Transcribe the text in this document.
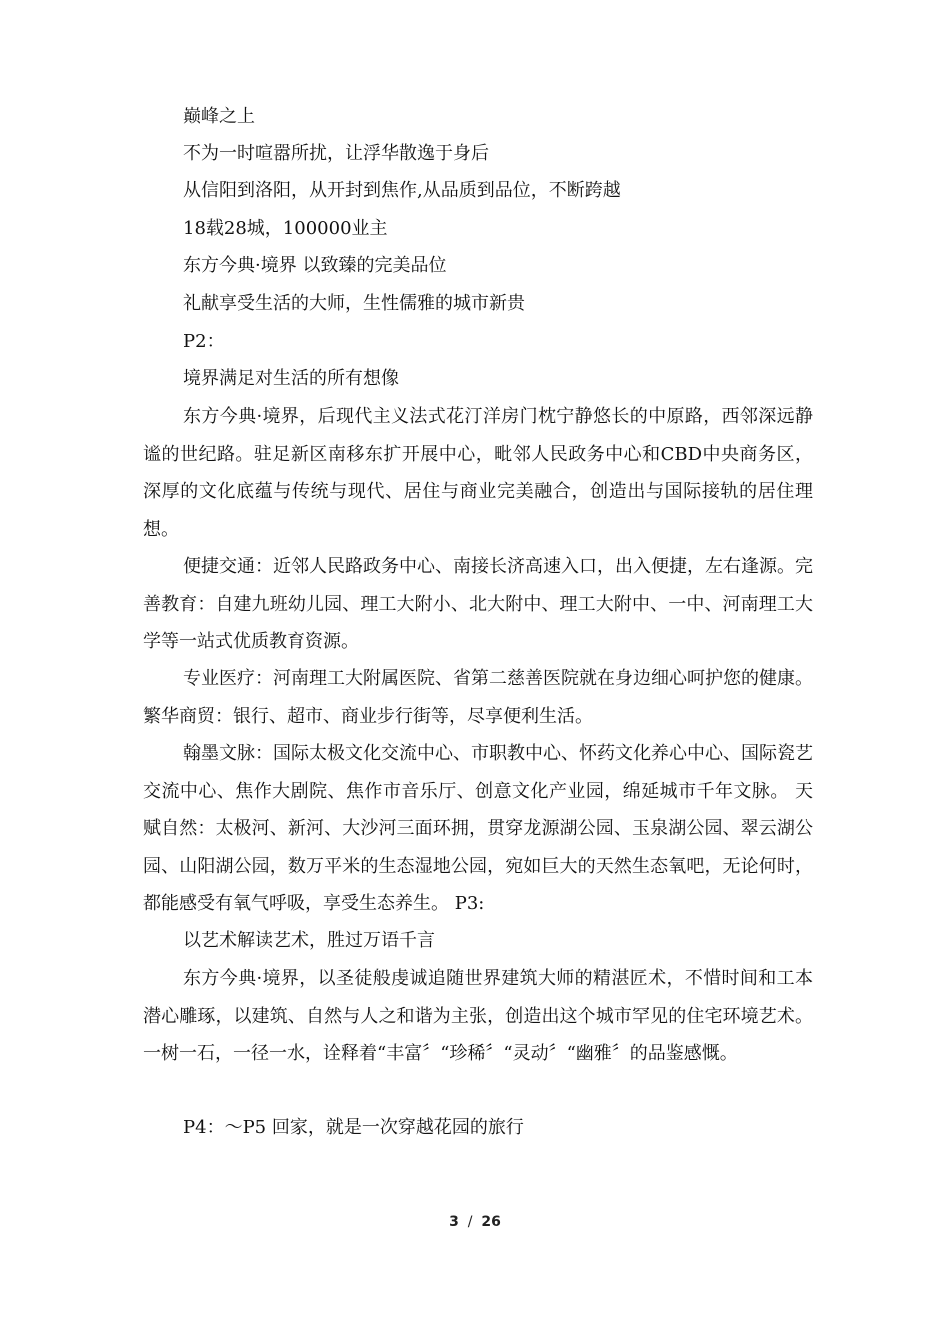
巅峰之上
不为一时喧嚣所扰，让浮华散逸于身后
从信阳到洛阳，从开封到焦作,从品质到品位，不断跨越
18载28城，100000业主
东方今典·境界 以致臻的完美品位
礼献享受生活的大师，生性儒雅的城市新贵
P2：
境界满足对生活的所有想像
东方今典·境界，后现代主义法式花汀洋房门枕宁静悠长的中原路，西邻深远静谧的世纪路。驻足新区南移东扩开展中心，毗邻人民政务中心和CBD中央商务区，深厚的文化底蕴与传统与现代、居住与商业完美融合，创造出与国际接轨的居住理想。
便捷交通：近邻人民路政务中心、南接长济高速入口，出入便捷，左右逢源。完善教育：自建九班幼儿园、理工大附小、北大附中、理工大附中、一中、河南理工大学等一站式优质教育资源。
专业医疗：河南理工大附属医院、省第二慈善医院就在身边细心呵护您的健康。 繁华商贸：银行、超市、商业步行街等，尽享便利生活。
翰墨文脉：国际太极文化交流中心、市职教中心、怀药文化养心中心、国际瓷艺交流中心、焦作大剧院、焦作市音乐厅、创意文化产业园，绵延城市千年文脉。 天赋自然：太极河、新河、大沙河三面环拥，贯穿龙源湖公园、玉泉湖公园、翠云湖公园、山阳湖公园，数万平米的生态湿地公园，宛如巨大的天然生态氧吧，无论何时，都能感受有氧气呼吸，享受生态养生。 P3:
以艺术解读艺术，胜过万语千言
东方今典·境界，以圣徒般虔诚追随世界建筑大师的精湛匠术，不惜时间和工本潜心雕琢，以建筑、自然与人之和谐为主张，创造出这个城市罕见的住宅环境艺术。一树一石，一径一水，诠释着“丰富〞“珍稀〞“灵动〞“幽雅〞的品鉴感慨。
P4：～P5 回家，就是一次穿越花园的旅行
3 / 26
